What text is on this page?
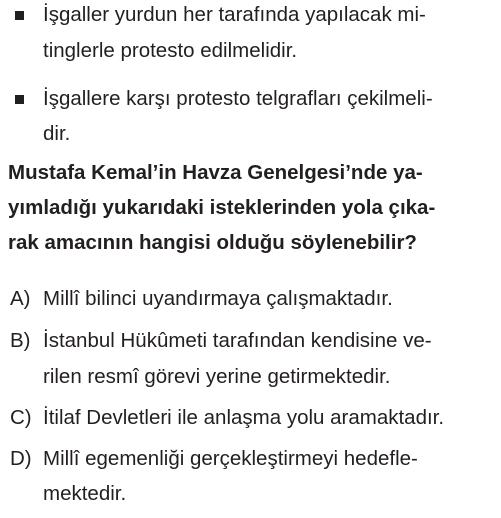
İşgaller yurdun her tarafında yapılacak mi-
tinglerle protesto edilmelidir.
İşgallere karşı protesto telgrafları çekilmeli-
dir.
Mustafa Kemal’in Havza Genelgesi’nde ya-
yımladığı yukarıdaki isteklerinden yola çıka-
rak amacının hangisi olduğu söylenebilir?
A) Millî bilinci uyandırmaya çalışmaktadır.
B) İstanbul Hükûmeti tarafından kendisine ve-
rilen resmî görevi yerine getirmektedir.
C) İtilaf Devletleri ile anlaşma yolu aramaktadır.
D) Millî egemenliği gerçekleştirmeyi hedefle-
mektedir.
